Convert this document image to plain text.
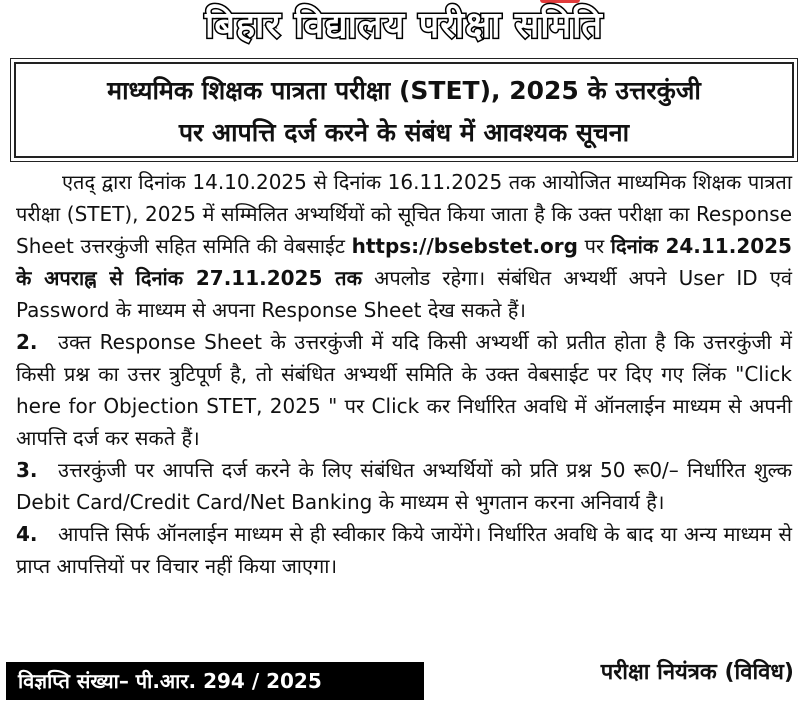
बिहार विद्यालय परीक्षा समिति
माध्यमिक शिक्षक पात्रता परीक्षा (STET), 2025 के उत्तरकुंजी
पर आपत्ति दर्ज करने के संबंध में आवश्यक सूचना

एतद् द्वारा दिनांक 14.10.2025 से दिनांक 16.11.2025 तक आयोजित माध्यमिक शिक्षक पात्रता परीक्षा (STET), 2025 में सम्मिलित अभ्यर्थियों को सूचित किया जाता है कि उक्त परीक्षा का Response Sheet उत्तरकुंजी सहित समिति की वेबसाईट https://bsebstet.org पर दिनांक 24.11.2025 के अपराह्न से दिनांक 27.11.2025 तक अपलोड रहेगा। संबंधित अभ्यर्थी अपने User ID एवं Password के माध्यम से अपना Response Sheet देख सकते हैं।

2. उक्त Response Sheet के उत्तरकुंजी में यदि किसी अभ्यर्थी को प्रतीत होता है कि उत्तरकुंजी में किसी प्रश्न का उत्तर त्रुटिपूर्ण है, तो संबंधित अभ्यर्थी समिति के उक्त वेबसाईट पर दिए गए लिंक "Click here for Objection STET, 2025 " पर Click कर निर्धारित अवधि में ऑनलाईन माध्यम से अपनी आपत्ति दर्ज कर सकते हैं।

3. उत्तरकुंजी पर आपत्ति दर्ज करने के लिए संबंधित अभ्यर्थियों को प्रति प्रश्न 50 रू0/– निर्धारित शुल्क Debit Card/Credit Card/Net Banking के माध्यम से भुगतान करना अनिवार्य है।

4. आपत्ति सिर्फ ऑनलाईन माध्यम से ही स्वीकार किये जायेंगे। निर्धारित अवधि के बाद या अन्य माध्यम से प्राप्त आपत्तियों पर विचार नहीं किया जाएगा।

विज्ञप्ति संख्या– पी.आर. 294 / 2025	परीक्षा नियंत्रक (विविध)
